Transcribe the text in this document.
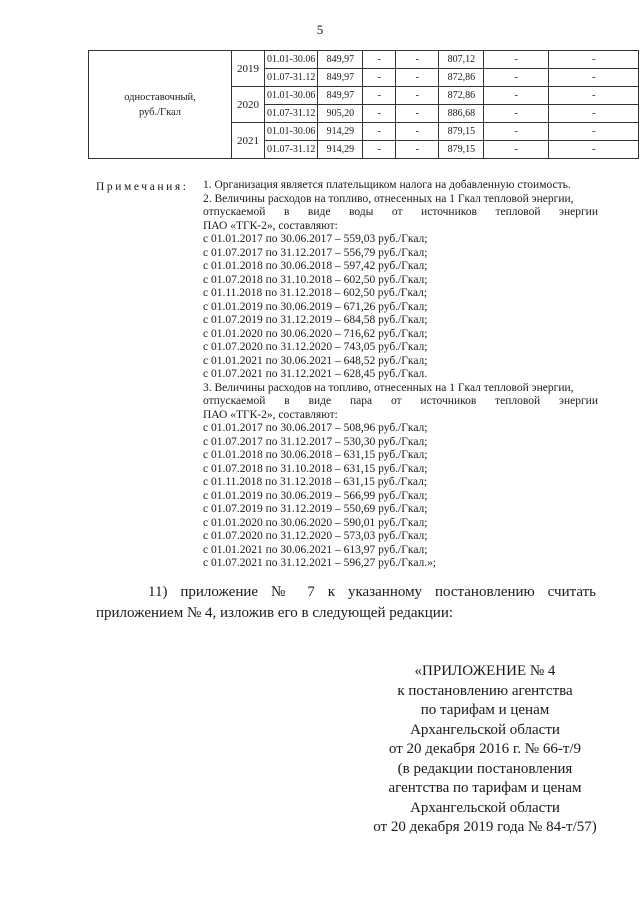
5
одноставочный,
руб./Гкал	2019	01.01-30.06	849,97	-	-	807,12	-	-
		01.07-31.12	849,97	-	-	872,86	-	-
	2020	01.01-30.06	849,97	-	-	872,86	-	-
		01.07-31.12	905,20	-	-	886,68	-	-
	2021	01.01-30.06	914,29	-	-	879,15	-	-
		01.07-31.12	914,29	-	-	879,15	-	-
Примечания: 1. Организация является плательщиком налога на добавленную стоимость.
2. Величины расходов на топливо, отнесенных на 1 Гкал тепловой энергии,
отпускаемой в виде воды от источников тепловой энергии
ПАО «ТГК-2», составляют:
с 01.01.2017 по 30.06.2017 – 559,03 руб./Гкал;
с 01.07.2017 по 31.12.2017 – 556,79 руб./Гкал;
с 01.01.2018 по 30.06.2018 – 597,42 руб./Гкал;
с 01.07.2018 по 31.10.2018 – 602,50 руб./Гкал;
с 01.11.2018 по 31.12.2018 – 602,50 руб./Гкал;
с 01.01.2019 по 30.06.2019 – 671,26 руб./Гкал;
с 01.07.2019 по 31.12.2019 – 684,58 руб./Гкал;
с 01.01.2020 по 30.06.2020 – 716,62 руб./Гкал;
с 01.07.2020 по 31.12.2020 – 743,05 руб./Гкал;
с 01.01.2021 по 30.06.2021 – 648,52 руб./Гкал;
с 01.07.2021 по 31.12.2021 – 628,45 руб./Гкал.
3. Величины расходов на топливо, отнесенных на 1 Гкал тепловой энергии,
отпускаемой в виде пара от источников тепловой энергии
ПАО «ТГК-2», составляют:
с 01.01.2017 по 30.06.2017 – 508,96 руб./Гкал;
с 01.07.2017 по 31.12.2017 – 530,30 руб./Гкал;
с 01.01.2018 по 30.06.2018 – 631,15 руб./Гкал;
с 01.07.2018 по 31.10.2018 – 631,15 руб./Гкал;
с 01.11.2018 по 31.12.2018 – 631,15 руб./Гкал;
с 01.01.2019 по 30.06.2019 – 566,99 руб./Гкал;
с 01.07.2019 по 31.12.2019 – 550,69 руб./Гкал;
с 01.01.2020 по 30.06.2020 – 590,01 руб./Гкал;
с 01.07.2020 по 31.12.2020 – 573,03 руб./Гкал;
с 01.01.2021 по 30.06.2021 – 613,97 руб./Гкал;
с 01.07.2021 по 31.12.2021 – 596,27 руб./Гкал.»;
11) приложение № 7 к указанному постановлению считать
приложением № 4, изложив его в следующей редакции:
«ПРИЛОЖЕНИЕ № 4
к постановлению агентства
по тарифам и ценам
Архангельской области
от 20 декабря 2016 г. № 66-т/9
(в редакции постановления
агентства по тарифам и ценам
Архангельской области
от 20 декабря 2019 года № 84-т/57)
